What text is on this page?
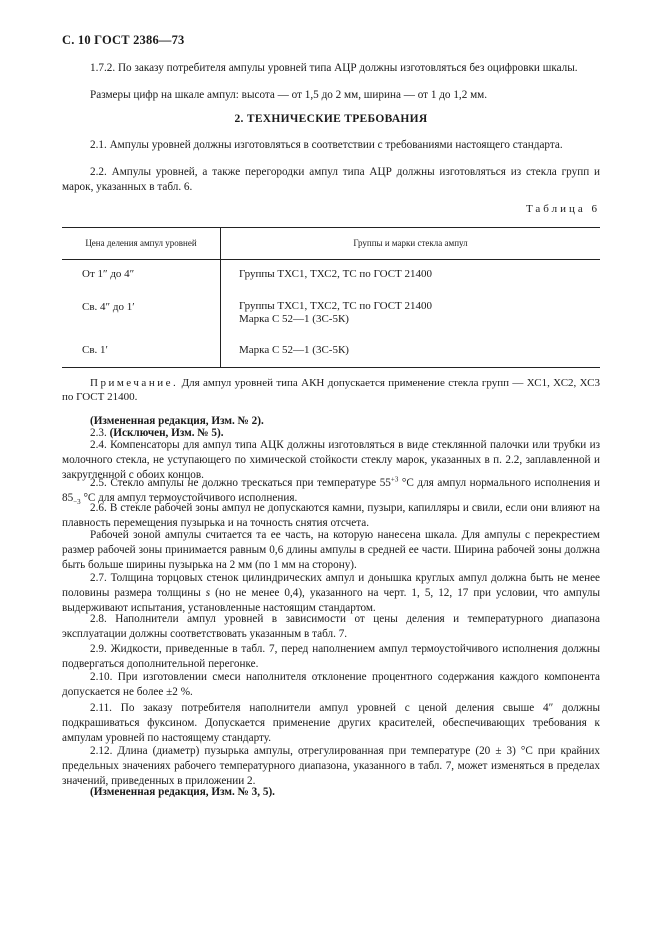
С. 10 ГОСТ 2386—73
1.7.2. По заказу потребителя ампулы уровней типа АЦР должны изготовляться без оцифровки шкалы.
Размеры цифр на шкале ампул: высота — от 1,5 до 2 мм, ширина — от 1 до 1,2 мм.
2. ТЕХНИЧЕСКИЕ ТРЕБОВАНИЯ
2.1. Ампулы уровней должны изготовляться в соответствии с требованиями настоящего стандарта.
2.2. Ампулы уровней, а также перегородки ампул типа АЦР должны изготовляться из стекла групп и марок, указанных в табл. 6.
Таблица 6
Цена деления ампул уровней	Группы и марки стекла ампул
От 1″ до 4″	Группы ТХС1, ТХС2, ТС по ГОСТ 21400
Св. 4″ до 1′	Группы ТХС1, ТХС2, ТС по ГОСТ 21400
Марка С 52—1 (3С-5К)
Св. 1′	Марка С 52—1 (3С-5К)
Примечание. Для ампул уровней типа АКН допускается применение стекла групп — ХС1, ХС2, ХС3 по ГОСТ 21400.
(Измененная редакция, Изм. № 2).
2.3. (Исключен, Изм. № 5).
2.4. Компенсаторы для ампул типа АЦК должны изготовляться в виде стеклянной палочки или трубки из молочного стекла, не уступающего по химической стойкости стеклу марок, указанных в п. 2.2, заплавленной и закругленной с обоих концов.
2.5. Стекло ампулы не должно трескаться при температуре $55^{+3}$ °С для ампул нормального исполнения и $85_{-3}$ °С для ампул термоустойчивого исполнения.
2.6. В стекле рабочей зоны ампул не допускаются камни, пузыри, капилляры и свили, если они влияют на плавность перемещения пузырька и на точность снятия отсчета.
Рабочей зоной ампулы считается та ее часть, на которую нанесена шкала. Для ампулы с перекрестием размер рабочей зоны принимается равным 0,6 длины ампулы в средней ее части. Ширина рабочей зоны должна быть больше ширины пузырька на 2 мм (по 1 мм на сторону).
2.7. Толщина торцовых стенок цилиндрических ампул и донышка круглых ампул должна быть не менее половины размера толщины s (но не менее 0,4), указанного на черт. 1, 5, 12, 17 при условии, что ампулы выдерживают испытания, установленные настоящим стандартом.
2.8. Наполнители ампул уровней в зависимости от цены деления и температурного диапазона эксплуатации должны соответствовать указанным в табл. 7.
2.9. Жидкости, приведенные в табл. 7, перед наполнением ампул термоустойчивого исполнения должны подвергаться дополнительной перегонке.
2.10. При изготовлении смеси наполнителя отклонение процентного содержания каждого компонента допускается не более ±2 %.
2.11. По заказу потребителя наполнители ампул уровней с ценой деления свыше 4″ должны подкрашиваться фуксином. Допускается применение других красителей, обеспечивающих требования к ампулам уровней по настоящему стандарту.
2.12. Длина (диаметр) пузырька ампулы, отрегулированная при температуре (20 ± 3) °С при крайних предельных значениях рабочего температурного диапазона, указанного в табл. 7, может изменяться в пределах значений, приведенных в приложении 2.
(Измененная редакция, Изм. № 3, 5).
